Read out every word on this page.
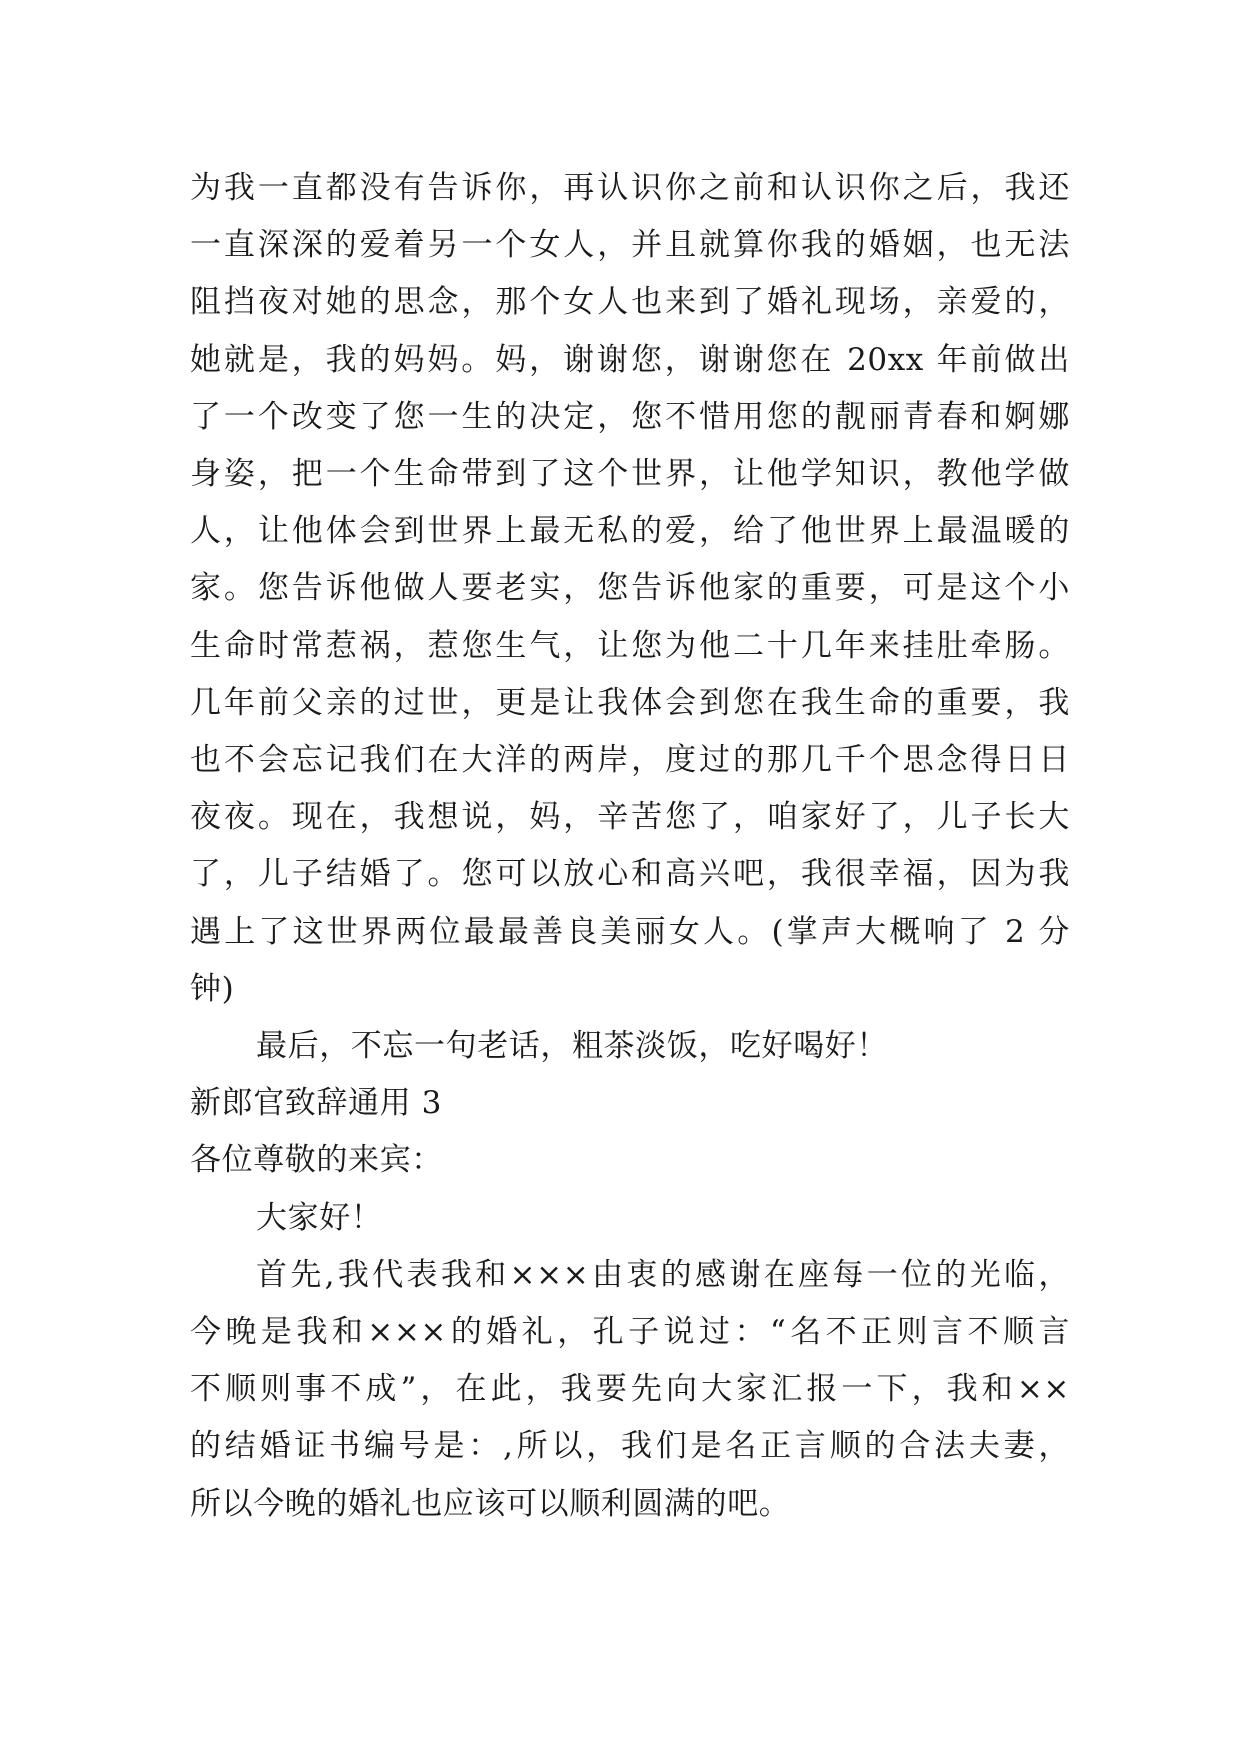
为我一直都没有告诉你，再认识你之前和认识你之后，我还
一直深深的爱着另一个女人，并且就算你我的婚姻，也无法
阻挡夜对她的思念，那个女人也来到了婚礼现场，亲爱的，
她就是，我的妈妈。妈，谢谢您，谢谢您在 20xx 年前做出
了一个改变了您一生的决定，您不惜用您的靓丽青春和婀娜
身姿，把一个生命带到了这个世界，让他学知识，教他学做
人，让他体会到世界上最无私的爱，给了他世界上最温暖的
家。您告诉他做人要老实，您告诉他家的重要，可是这个小
生命时常惹祸，惹您生气，让您为他二十几年来挂肚牵肠。
几年前父亲的过世，更是让我体会到您在我生命的重要，我
也不会忘记我们在大洋的两岸，度过的那几千个思念得日日
夜夜。现在，我想说，妈，辛苦您了，咱家好了，儿子长大
了，儿子结婚了。您可以放心和高兴吧，我很幸福，因为我
遇上了这世界两位最最善良美丽女人。(掌声大概响了 2 分
钟)

最后，不忘一句老话，粗茶淡饭，吃好喝好！

新郎官致辞通用 3

各位尊敬的来宾：

大家好！

首先,我代表我和×××由衷的感谢在座每一位的光临，
今晚是我和×××的婚礼，孔子说过：“名不正则言不顺言
不顺则事不成”，在此，我要先向大家汇报一下，我和××
的结婚证书编号是：,所以，我们是名正言顺的合法夫妻，
所以今晚的婚礼也应该可以顺利圆满的吧。
